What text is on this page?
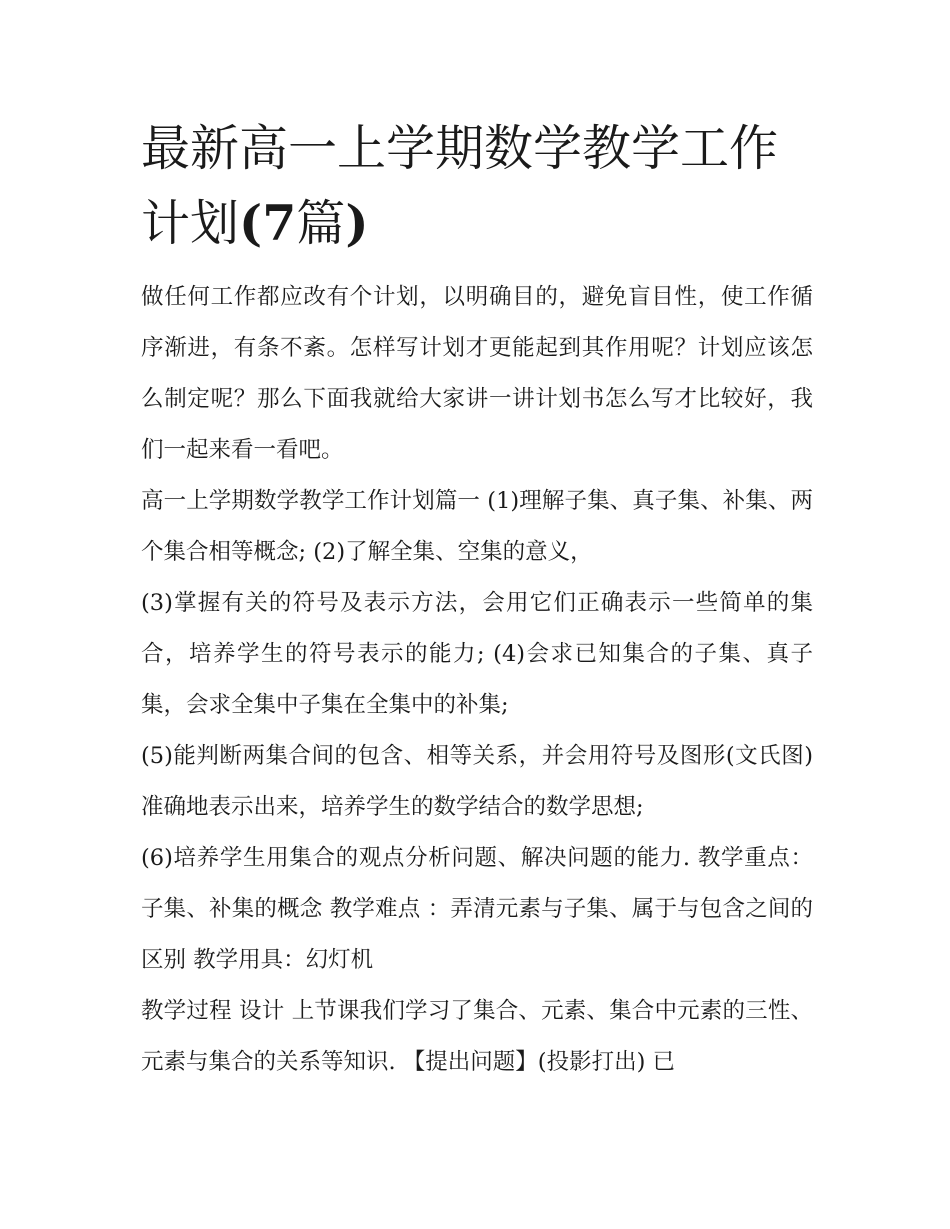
最新高一上学期数学教学工作
计划(7篇)

做任何工作都应改有个计划，以明确目的，避免盲目性，使工作循序渐进，有条不紊。怎样写计划才更能起到其作用呢？计划应该怎么制定呢？那么下面我就给大家讲一讲计划书怎么写才比较好，我们一起来看一看吧。

高一上学期数学教学工作计划篇一 (1)理解子集、真子集、补集、两个集合相等概念; (2)了解全集、空集的意义，

(3)掌握有关的符号及表示方法，会用它们正确表示一些简单的集合，培养学生的符号表示的能力; (4)会求已知集合的子集、真子集，会求全集中子集在全集中的补集;

(5)能判断两集合间的包含、相等关系，并会用符号及图形(文氏图)准确地表示出来，培养学生的数学结合的数学思想;

(6)培养学生用集合的观点分析问题、解决问题的能力. 教学重点：子集、补集的概念 教学难点 ：弄清元素与子集、属于与包含之间的区别 教学用具：幻灯机

教学过程 设计 上节课我们学习了集合、元素、集合中元素的三性、元素与集合的关系等知识. 【提出问题】(投影打出) 已
